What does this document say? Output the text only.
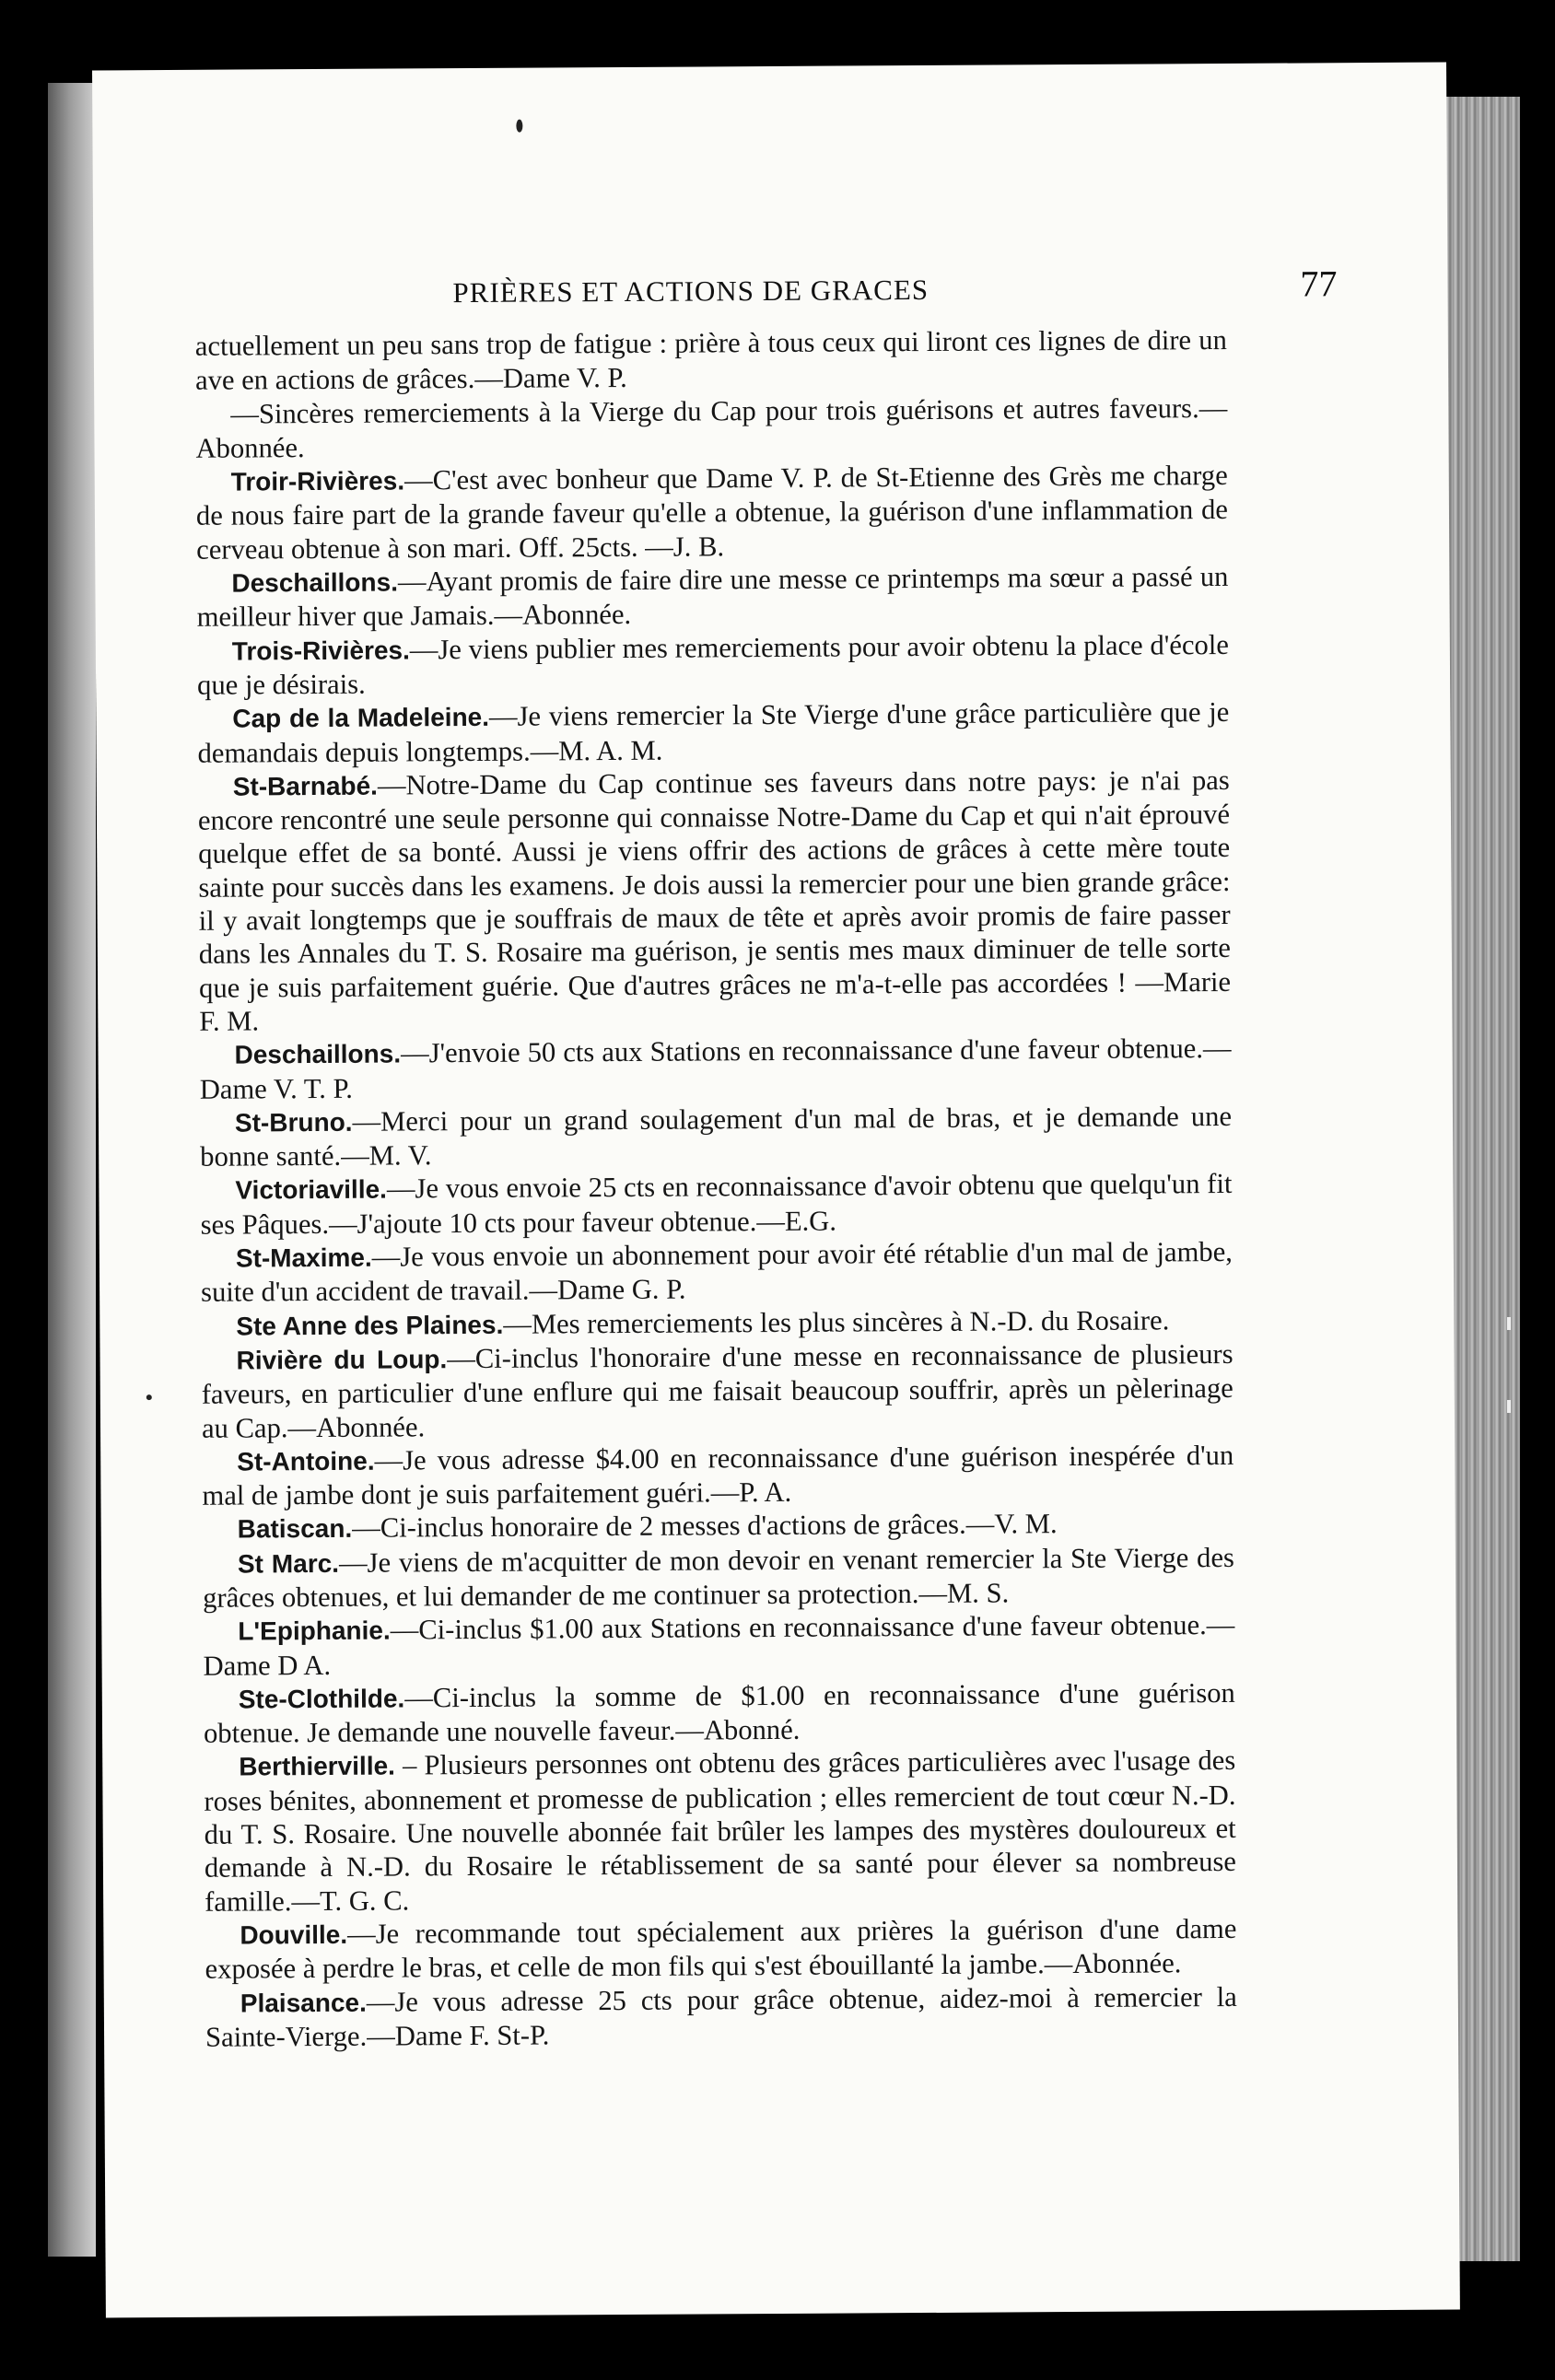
PRIÈRES ET ACTIONS DE GRACES	77

actuellement un peu sans trop de fatigue : prière à tous ceux qui liront ces lignes de dire un ave en actions de grâces.—Dame V. P.

—Sincères remerciements à la Vierge du Cap pour trois guérisons et autres faveurs.—Abonnée.

Troir-Rivières.—C'est avec bonheur que Dame V. P. de St-Etienne des Grès me charge de nous faire part de la grande faveur qu'elle a obtenue, la guérison d'une inflammation de cerveau obtenue à son mari. Off. 25cts. —J. B.

Deschaillons.—Ayant promis de faire dire une messe ce printemps ma sœur a passé un meilleur hiver que Jamais.—Abonnée.

Trois-Rivières.—Je viens publier mes remerciements pour avoir obtenu la place d'école que je désirais.

Cap de la Madeleine.—Je viens remercier la Ste Vierge d'une grâce particulière que je demandais depuis longtemps.—M. A. M.

St-Barnabé.—Notre-Dame du Cap continue ses faveurs dans notre pays: je n'ai pas encore rencontré une seule personne qui connaisse Notre-Dame du Cap et qui n'ait éprouvé quelque effet de sa bonté. Aussi je viens offrir des actions de grâces à cette mère toute sainte pour succès dans les examens. Je dois aussi la remercier pour une bien grande grâce: il y avait longtemps que je souffrais de maux de tête et après avoir promis de faire passer dans les Annales du T. S. Rosaire ma guérison, je sentis mes maux diminuer de telle sorte que je suis parfaitement guérie. Que d'autres grâces ne m'a-t-elle pas accordées ! —Marie F. M.

Deschaillons.—J'envoie 50 cts aux Stations en reconnaissance d'une faveur obtenue.—Dame V. T. P.

St-Bruno.—Merci pour un grand soulagement d'un mal de bras, et je demande une bonne santé.—M. V.

Victoriaville.—Je vous envoie 25 cts en reconnaissance d'avoir obtenu que quelqu'un fit ses Pâques.—J'ajoute 10 cts pour faveur obtenue.—E.G.

St-Maxime.—Je vous envoie un abonnement pour avoir été rétablie d'un mal de jambe, suite d'un accident de travail.—Dame G. P.

Ste Anne des Plaines.—Mes remerciements les plus sincères à N.-D. du Rosaire.

Rivière du Loup.—Ci-inclus l'honoraire d'une messe en reconnaissance de plusieurs faveurs, en particulier d'une enflure qui me faisait beaucoup souffrir, après un pèlerinage au Cap.—Abonnée.

St-Antoine.—Je vous adresse $4.00 en reconnaissance d'une guérison inespérée d'un mal de jambe dont je suis parfaitement guéri.—P. A.

Batiscan.—Ci-inclus honoraire de 2 messes d'actions de grâces.—V. M.

St Marc.—Je viens de m'acquitter de mon devoir en venant remercier la Ste Vierge des grâces obtenues, et lui demander de me continuer sa protection.—M. S.

L'Epiphanie.—Ci-inclus $1.00 aux Stations en reconnaissance d'une faveur obtenue.—Dame D A.

Ste-Clothilde.—Ci-inclus la somme de $1.00 en reconnaissance d'une guérison obtenue. Je demande une nouvelle faveur.—Abonné.

Berthierville. – Plusieurs personnes ont obtenu des grâces particulières avec l'usage des roses bénites, abonnement et promesse de publication ; elles remercient de tout cœur N.-D. du T. S. Rosaire. Une nouvelle abonnée fait brûler les lampes des mystères douloureux et demande à N.-D. du Rosaire le rétablissement de sa santé pour élever sa nombreuse famille.—T. G. C.

Douville.—Je recommande tout spécialement aux prières la guérison d'une dame exposée à perdre le bras, et celle de mon fils qui s'est ébouillanté la jambe.—Abonnée.

Plaisance.—Je vous adresse 25 cts pour grâce obtenue, aidez-moi à remercier la Sainte-Vierge.—Dame F. St-P.
